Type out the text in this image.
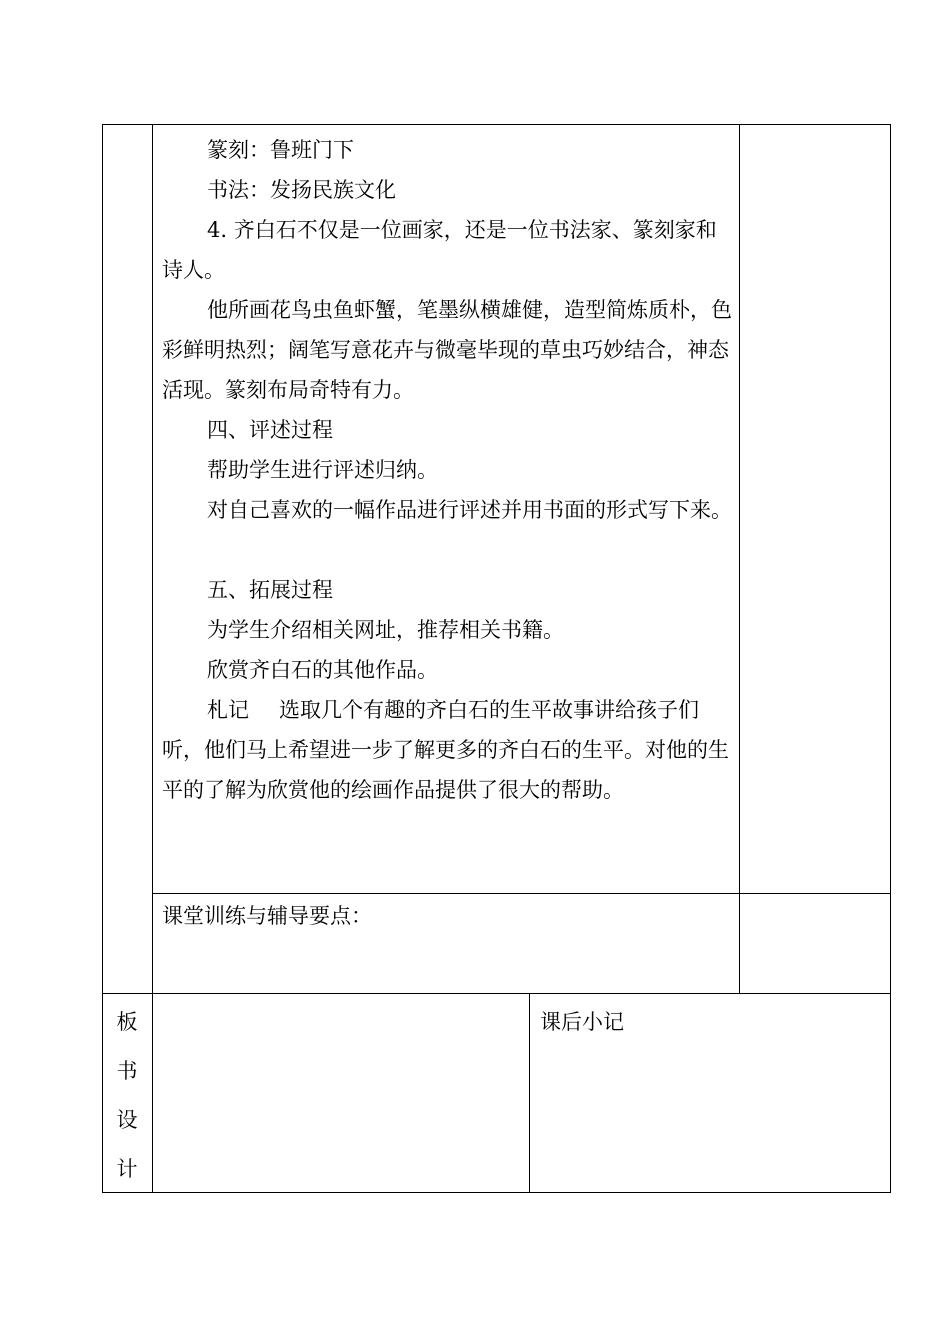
篆刻：鲁班门下

书法：发扬民族文化

4. 齐白石不仅是一位画家，还是一位书法家、篆刻家和诗人。

他所画花鸟虫鱼虾蟹，笔墨纵横雄健，造型简炼质朴，色彩鲜明热烈；阔笔写意花卉与微毫毕现的草虫巧妙结合，神态活现。篆刻布局奇特有力。

四、评述过程

帮助学生进行评述归纳。

对自己喜欢的一幅作品进行评述并用书面的形式写下来。

五、拓展过程

为学生介绍相关网址，推荐相关书籍。

欣赏齐白石的其他作品。

札记 选取几个有趣的齐白石的生平故事讲给孩子们听，他们马上希望进一步了解更多的齐白石的生平。对他的生平的了解为欣赏他的绘画作品提供了很大的帮助。

课堂训练与辅导要点：

板
书
设
计

课后小记
